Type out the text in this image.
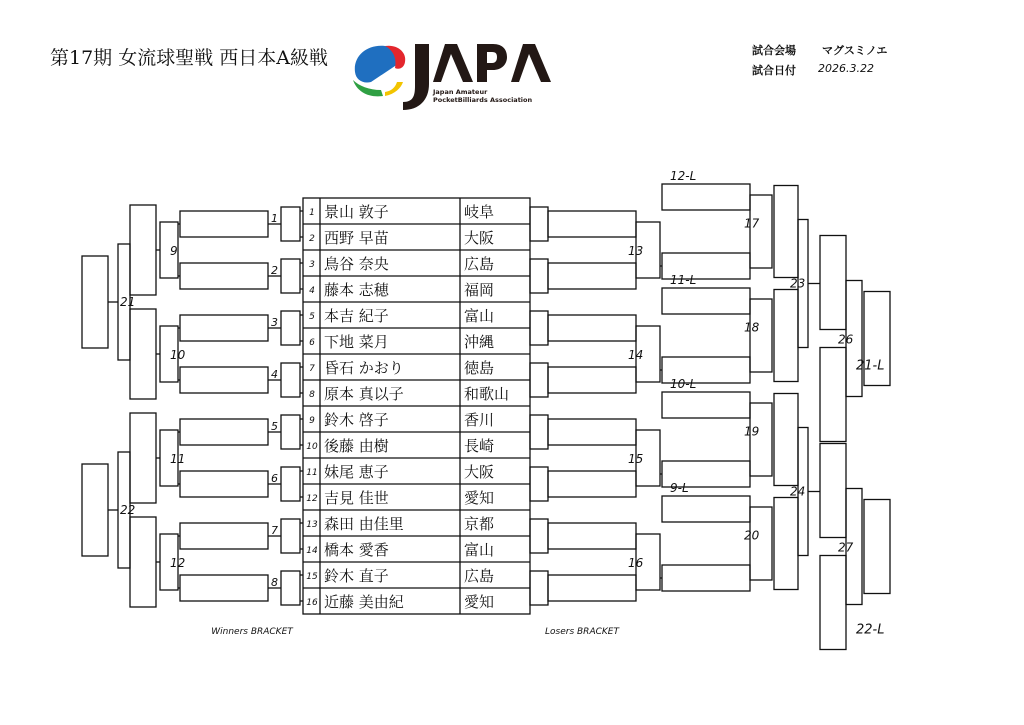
第17期 女流球聖戦 西日本A級戦
Japan Amateur
PocketBilliards Association
試合会場 マグスミノエ
試合日付 2026.3.22
1 景山 敦子	岐阜
2 西野 早苗	大阪
3 鳥谷 奈央	広島
4 藤本 志穂	福岡
5 本吉 紀子	富山
6 下地 菜月	沖縄
7 昏石 かおり	徳島
8 原本 真以子	和歌山
9 鈴木 啓子	香川
10 後藤 由樹	長崎
11 妹尾 恵子	大阪
12 吉見 佳世	愛知
13 森田 由佳里	京都
14 橋本 愛香	富山
15 鈴木 直子	広島
16 近藤 美由紀	愛知
1
2
3
4
5
6
7
8
9
10
11
12
21
22
Winners BRACKET
13
14
15
16
12-L
17
11-L
18
10-L
19
9-L
20
23
24
26
21-L
27
22-L
Losers BRACKET
